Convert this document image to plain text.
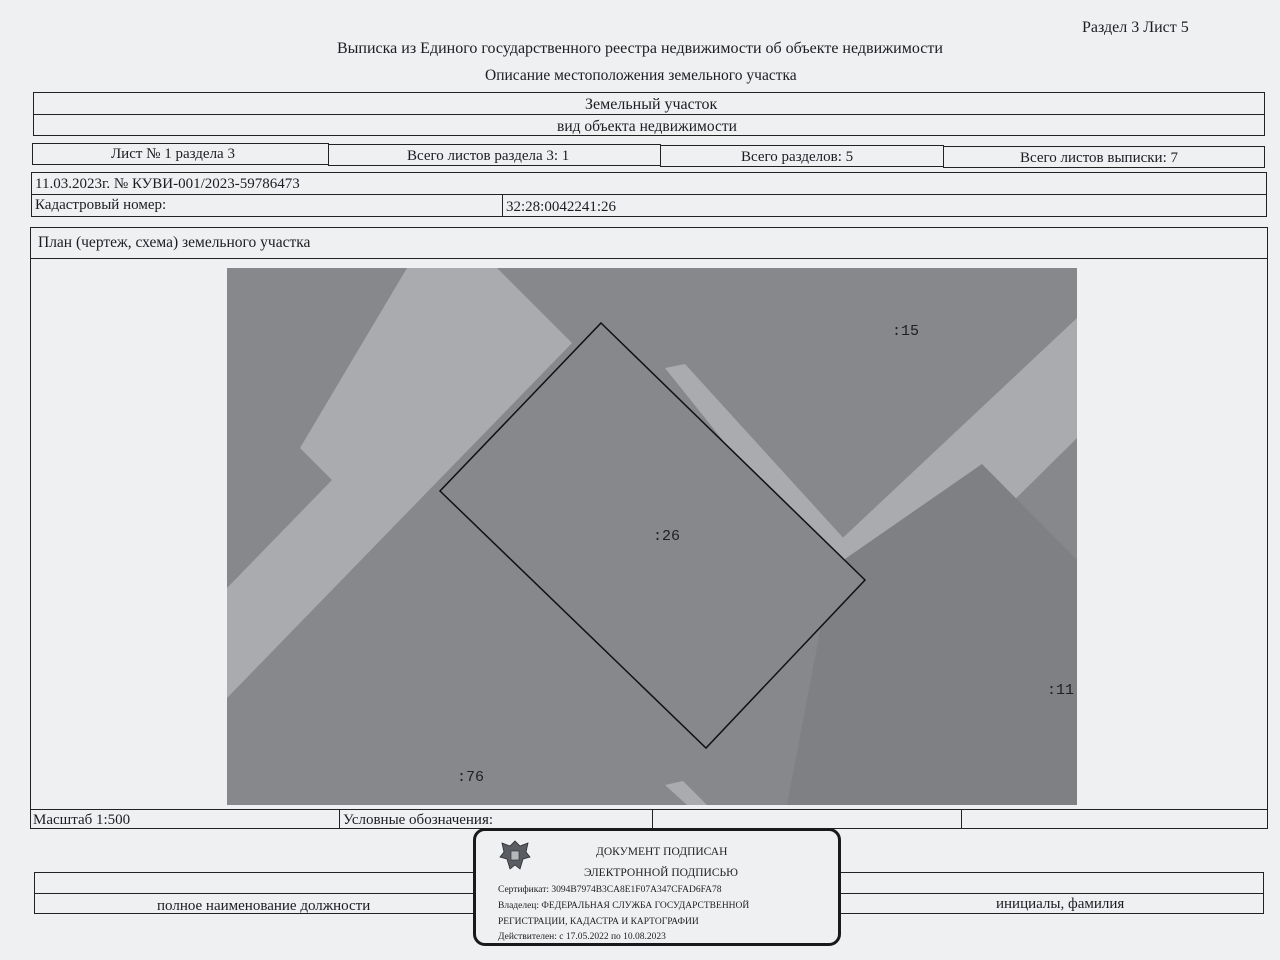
Раздел 3 Лист 5
Выписка из Единого государственного реестра недвижимости об объекте недвижимости
Описание местоположения земельного участка
Земельный участок
вид объекта недвижимости
Лист № 1 раздела 3	Всего листов раздела 3: 1	Всего разделов: 5	Всего листов выписки: 7
11.03.2023г. № КУВИ-001/2023-59786473
Кадастровый номер:	32:28:0042241:26
План (чертеж, схема) земельного участка
:15
:26
:11
:76
Масштаб 1:500	Условные обозначения:
полное наименование должности	инициалы, фамилия
ДОКУМЕНТ ПОДПИСАН
ЭЛЕКТРОННОЙ ПОДПИСЬЮ
Сертификат: 3094B7974B3CA8E1F07A347CFAD6FA78
Владелец: ФЕДЕРАЛЬНАЯ СЛУЖБА ГОСУДАРСТВЕННОЙ
РЕГИСТРАЦИИ, КАДАСТРА И КАРТОГРАФИИ
Действителен: с 17.05.2022 по 10.08.2023
